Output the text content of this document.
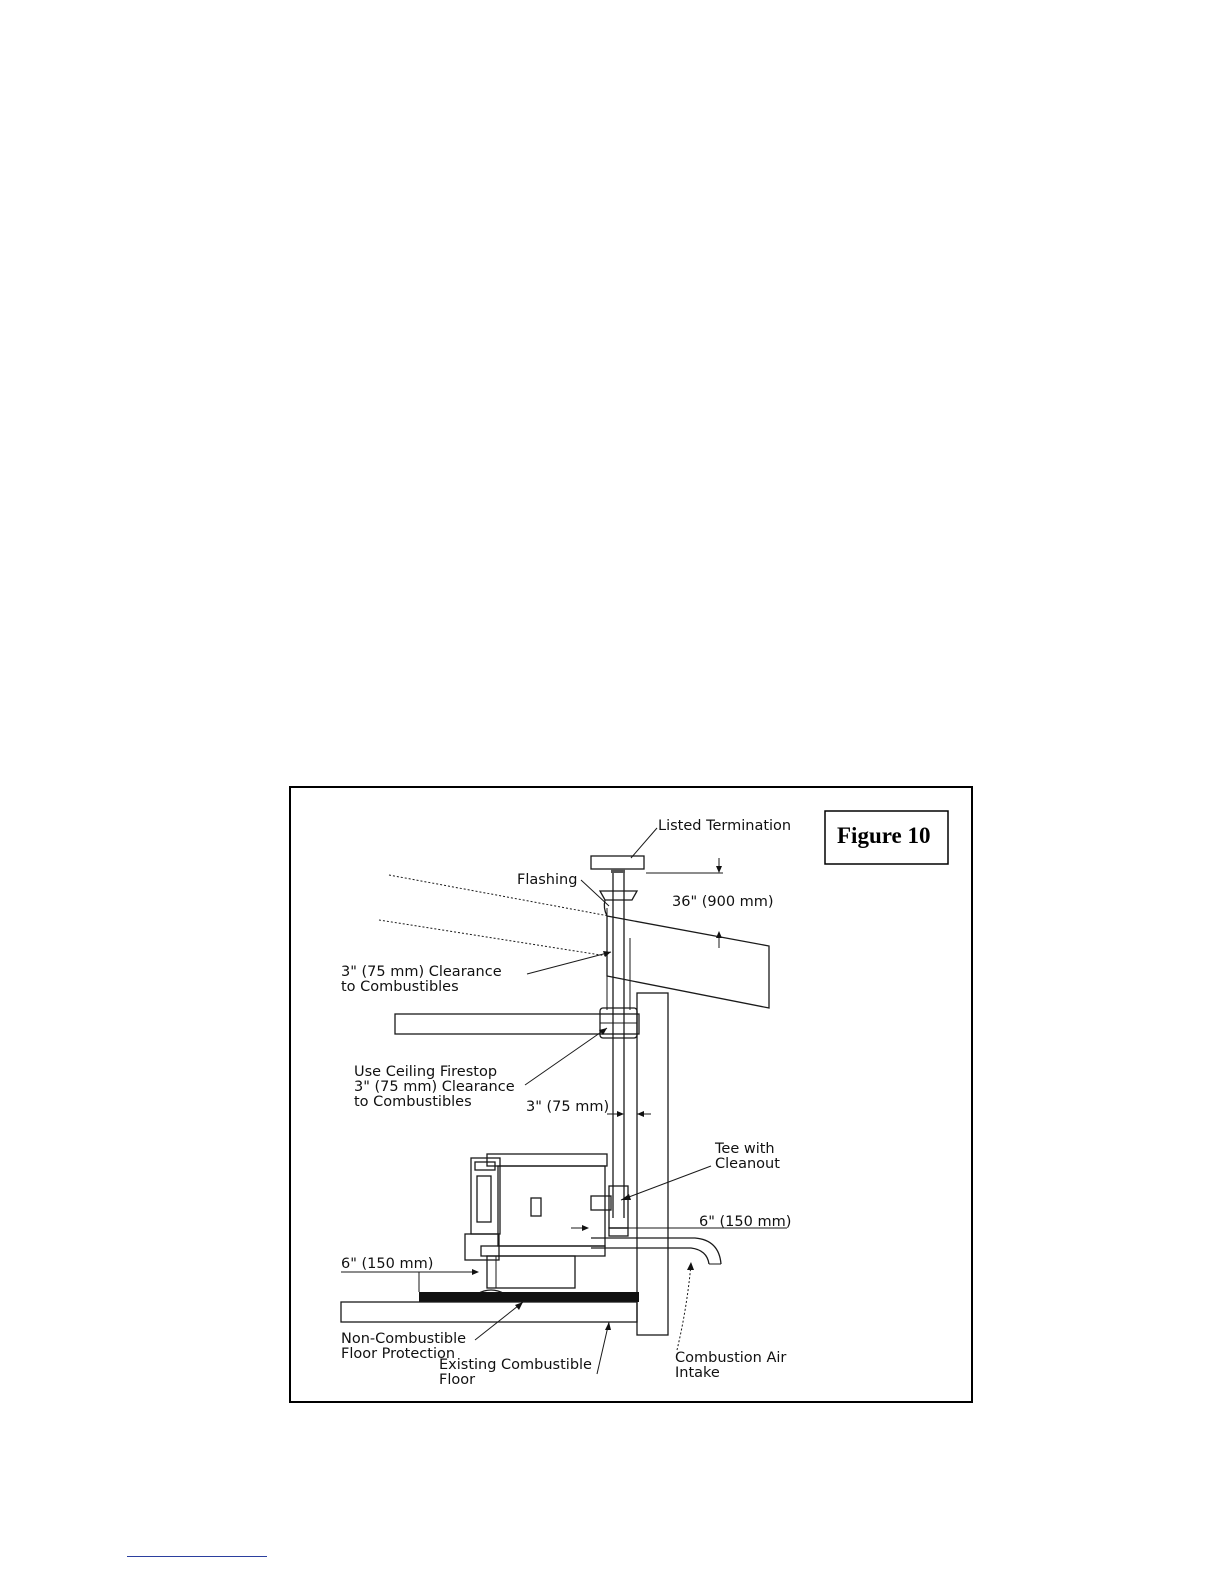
Figure 10
36" (900 mm)
Listed Termination
Flashing
3" (75 mm) Clearance
to Combustibles
Use Ceiling Firestop
3" (75 mm) Clearance
to Combustibles	3" (75 mm)
Tee with
Cleanout
6" (150 mm)
6" (150 mm)
Non-Combustible
Floor Protection
Existing Combustible
Floor
Combustion Air
Intake
